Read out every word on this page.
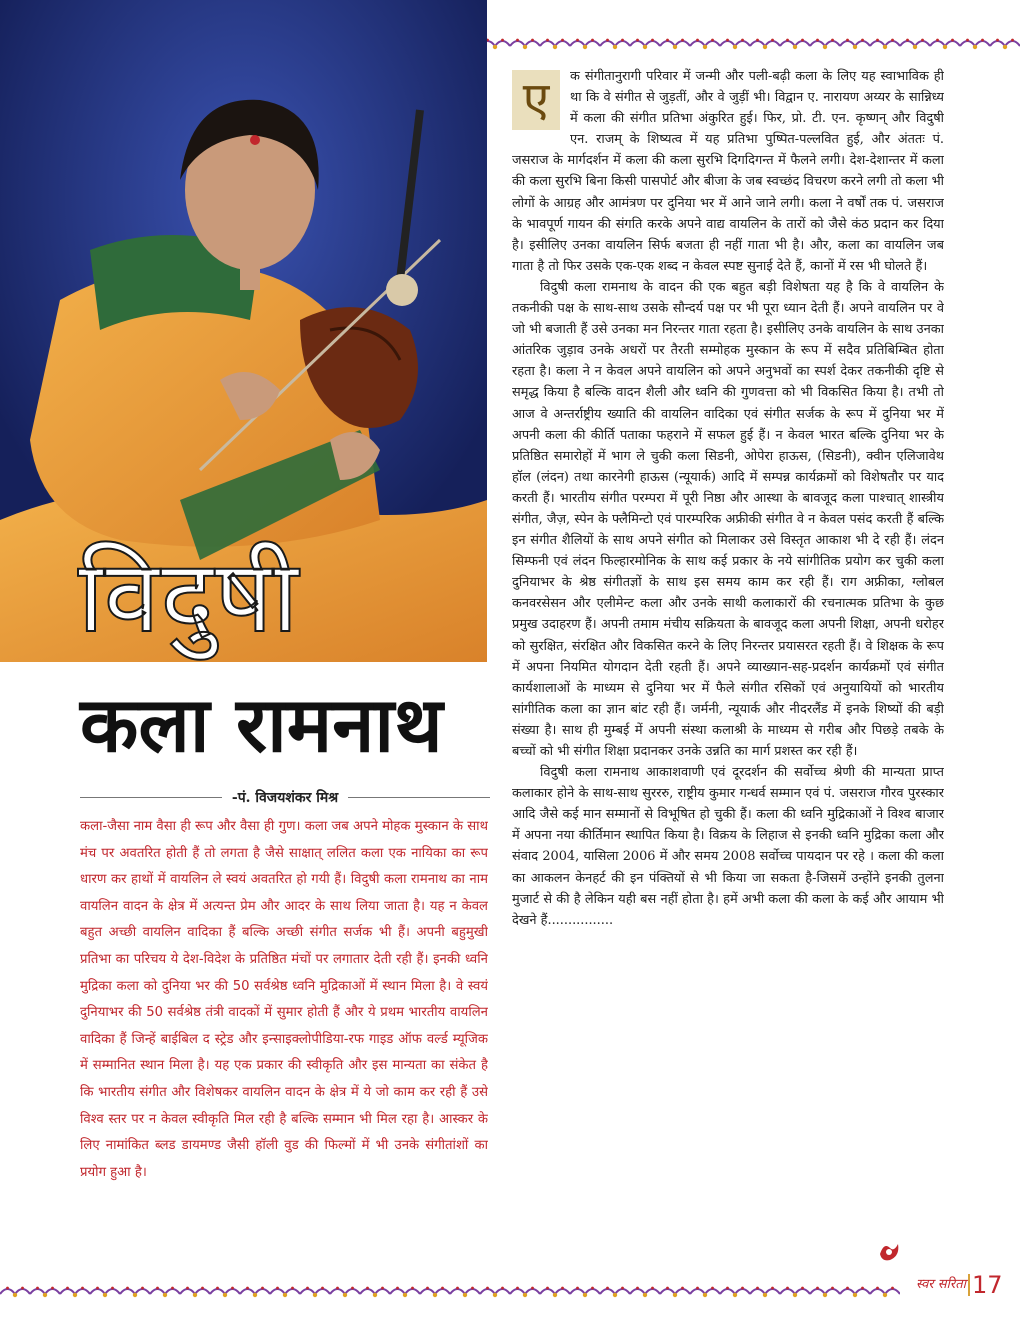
विदुषी
कला रामनाथ
-पं. विजयशंकर मिश्र
कला-जैसा नाम वैसा ही रूप और वैसा ही गुण। कला जब अपने मोहक मुस्कान के साथ मंच पर अवतरित होती हैं तो लगता है जैसे साक्षात् ललित कला एक नायिका का रूप धारण कर हाथों में वायलिन ले स्वयं अवतरित हो गयी हैं। विदुषी कला रामनाथ का नाम वायलिन वादन के क्षेत्र में अत्यन्त प्रेम और आदर के साथ लिया जाता है। यह न केवल बहुत अच्छी वायलिन वादिका हैं बल्कि अच्छी संगीत सर्जक भी हैं। अपनी बहुमुखी प्रतिभा का परिचय ये देश-विदेश के प्रतिष्ठित मंचों पर लगातार देती रही हैं। इनकी ध्वनि मुद्रिका कला को दुनिया भर की 50 सर्वश्रेष्ठ ध्वनि मुद्रिकाओं में स्थान मिला है। वे स्वयं दुनियाभर की 50 सर्वश्रेष्ठ तंत्री वादकों में सुमार होती हैं और ये प्रथम भारतीय वायलिन वादिका हैं जिन्हें बाईबिल द स्ट्रेड और इन्साइक्लोपीडिया-रफ गाइड ऑफ वर्ल्ड म्यूजिक में सम्मानित स्थान मिला है। यह एक प्रकार की स्वीकृति और इस मान्यता का संकेत है कि भारतीय संगीत और विशेषकर वायलिन वादन के क्षेत्र में ये जो काम कर रही हैं उसे विश्व स्तर पर न केवल स्वीकृति मिल रही है बल्कि सम्मान भी मिल रहा है। आस्कर के लिए नामांकित ब्लड डायमण्ड जैसी हॉली वुड की फिल्मों में भी उनके संगीतांशों का प्रयोग हुआ है।

ए	क संगीतानुरागी परिवार में जन्मी और पली-बढ़ी कला के लिए यह स्वाभाविक ही था कि वे संगीत से जुड़तीं, और वे जुड़ीं भी। विद्वान ए. नारायण अय्यर के सान्निध्य में कला की संगीत प्रतिभा अंकुरित हुई। फिर, प्रो. टी. एन. कृष्णन् और विदुषी एन. राजम् के शिष्यत्व में यह प्रतिभा पुष्पित-पल्लवित हुई, और अंततः पं. जसराज के मार्गदर्शन में कला की कला सुरभि दिगदिगन्त में फैलने लगी। देश-देशान्तर में कला की कला सुरभि बिना किसी पासपोर्ट और बीजा के जब स्वच्छंद विचरण करने लगी तो कला भी लोगों के आग्रह और आमंत्रण पर दुनिया भर में आने जाने लगी। कला ने वर्षों तक पं. जसराज के भावपूर्ण गायन की संगति करके अपने वाद्य वायलिन के तारों को जैसे कंठ प्रदान कर दिया है। इसीलिए उनका वायलिन सिर्फ बजता ही नहीं गाता भी है। और, कला का वायलिन जब गाता है तो फिर उसके एक-एक शब्द न केवल स्पष्ट सुनाई देते हैं, कानों में रस भी घोलते हैं।

विदुषी कला रामनाथ के वादन की एक बहुत बड़ी विशेषता यह है कि वे वायलिन के तकनीकी पक्ष के साथ-साथ उसके सौन्दर्य पक्ष पर भी पूरा ध्यान देती हैं। अपने वायलिन पर वे जो भी बजाती हैं उसे उनका मन निरन्तर गाता रहता है। इसीलिए उनके वायलिन के साथ उनका आंतरिक जुड़ाव उनके अधरों पर तैरती सम्मोहक मुस्कान के रूप में सदैव प्रतिबिम्बित होता रहता है। कला ने न केवल अपने वायलिन को अपने अनुभवों का स्पर्श देकर तकनीकी दृष्टि से समृद्ध किया है बल्कि वादन शैली और ध्वनि की गुणवत्ता को भी विकसित किया है। तभी तो आज वे अन्तर्राष्ट्रीय ख्याति की वायलिन वादिका एवं संगीत सर्जक के रूप में दुनिया भर में अपनी कला की कीर्ति पताका फहराने में सफल हुई हैं। न केवल भारत बल्कि दुनिया भर के प्रतिष्ठित समारोहों में भाग ले चुकी कला सिडनी, ओपेरा हाऊस, (सिडनी), क्वीन एलिजावेथ हॉल (लंदन) तथा कारनेगी हाऊस (न्यूयार्क) आदि में सम्पन्न कार्यक्रमों को विशेषतौर पर याद करती हैं। भारतीय संगीत परम्परा में पूरी निष्ठा और आस्था के बावजूद कला पाश्चात् शास्त्रीय संगीत, जैज़, स्पेन के फ्लैमिन्टो एवं पारम्परिक अफ्रीकी संगीत वे न केवल पसंद करती हैं बल्कि इन संगीत शैलियों के साथ अपने संगीत को मिलाकर उसे विस्तृत आकाश भी दे रही हैं। लंदन सिम्फनी एवं लंदन फिल्हारमोनिक के साथ कई प्रकार के नये सांगीतिक प्रयोग कर चुकी कला दुनियाभर के श्रेष्ठ संगीतज्ञों के साथ इस समय काम कर रही हैं। राग अफ्रीका, ग्लोबल कनवरसेसन और एलीमेन्ट कला और उनके साथी कलाकारों की रचनात्मक प्रतिभा के कुछ प्रमुख उदाहरण हैं। अपनी तमाम मंचीय सक्रियता के बावजूद कला अपनी शिक्षा, अपनी धरोहर को सुरक्षित, संरक्षित और विकसित करने के लिए निरन्तर प्रयासरत रहती हैं। वे शिक्षक के रूप में अपना नियमित योगदान देती रहती हैं। अपने व्याख्यान-सह-प्रदर्शन कार्यक्रमों एवं संगीत कार्यशालाओं के माध्यम से दुनिया भर में फैले संगीत रसिकों एवं अनुयायियों को भारतीय सांगीतिक कला का ज्ञान बांट रही हैं। जर्मनी, न्यूयार्क और नीदरलैंड में इनके शिष्यों की बड़ी संख्या है। साथ ही मुम्बई में अपनी संस्था कलाश्री के माध्यम से गरीब और पिछड़े तबके के बच्चों को भी संगीत शिक्षा प्रदानकर उनके उन्नति का मार्ग प्रशस्त कर रही हैं।

विदुषी कला रामनाथ आकाशवाणी एवं दूरदर्शन की सर्वोच्च श्रेणी की मान्यता प्राप्त कलाकार होने के साथ-साथ सुरररु, राष्ट्रीय कुमार गन्धर्व सम्मान एवं पं. जसराज गौरव पुरस्कार आदि जैसे कई मान सम्मानों से विभूषित हो चुकी हैं। कला की ध्वनि मुद्रिकाओं ने विश्व बाजार में अपना नया कीर्तिमान स्थापित किया है। विक्रय के लिहाज से इनकी ध्वनि मुद्रिका कला और संवाद 2004, यासिला 2006 में और समय 2008 सर्वोच्च पायदान पर रहे । कला की कला का आकलन केनहर्ट की इन पंक्तियों से भी किया जा सकता है-जिसमें उन्होंने इनकी तुलना मुजार्ट से की है लेकिन यही बस नहीं होता है। हमें अभी कला की कला के कई और आयाम भी देखने हैं................

स्वर सरिता 17
